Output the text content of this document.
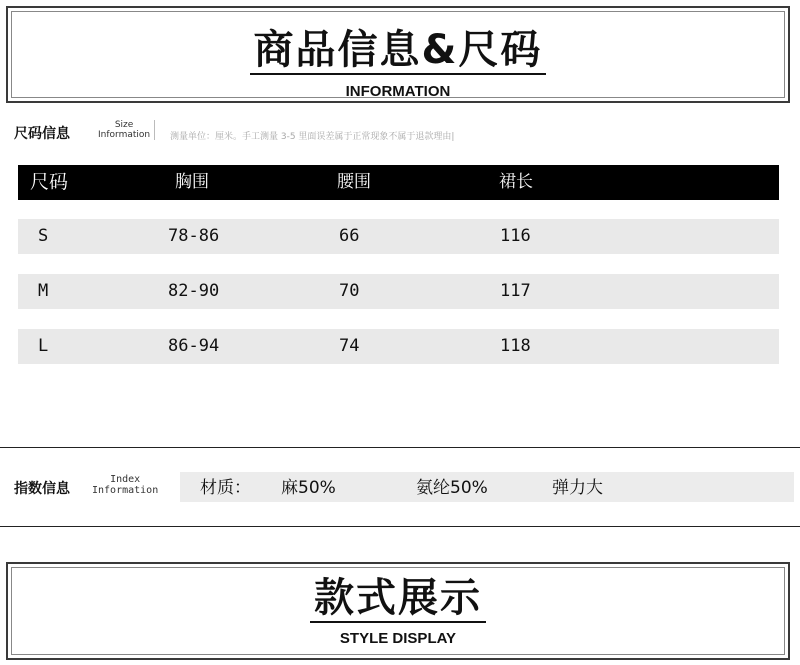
商品信息&尺码
INFORMATION
尺码信息
Size
Information 测量单位：厘米。手工测量 3-5 里面误差属于正常现象不属于退款理由|
尺码	胸围	腰围	裙长
S	78-86	66	116
M	82-90	70	117
L	86-94	74	118
指数信息
Index
Information 材质： 麻50%	氨纶50%	弹力大
款式展示
STYLE DISPLAY
